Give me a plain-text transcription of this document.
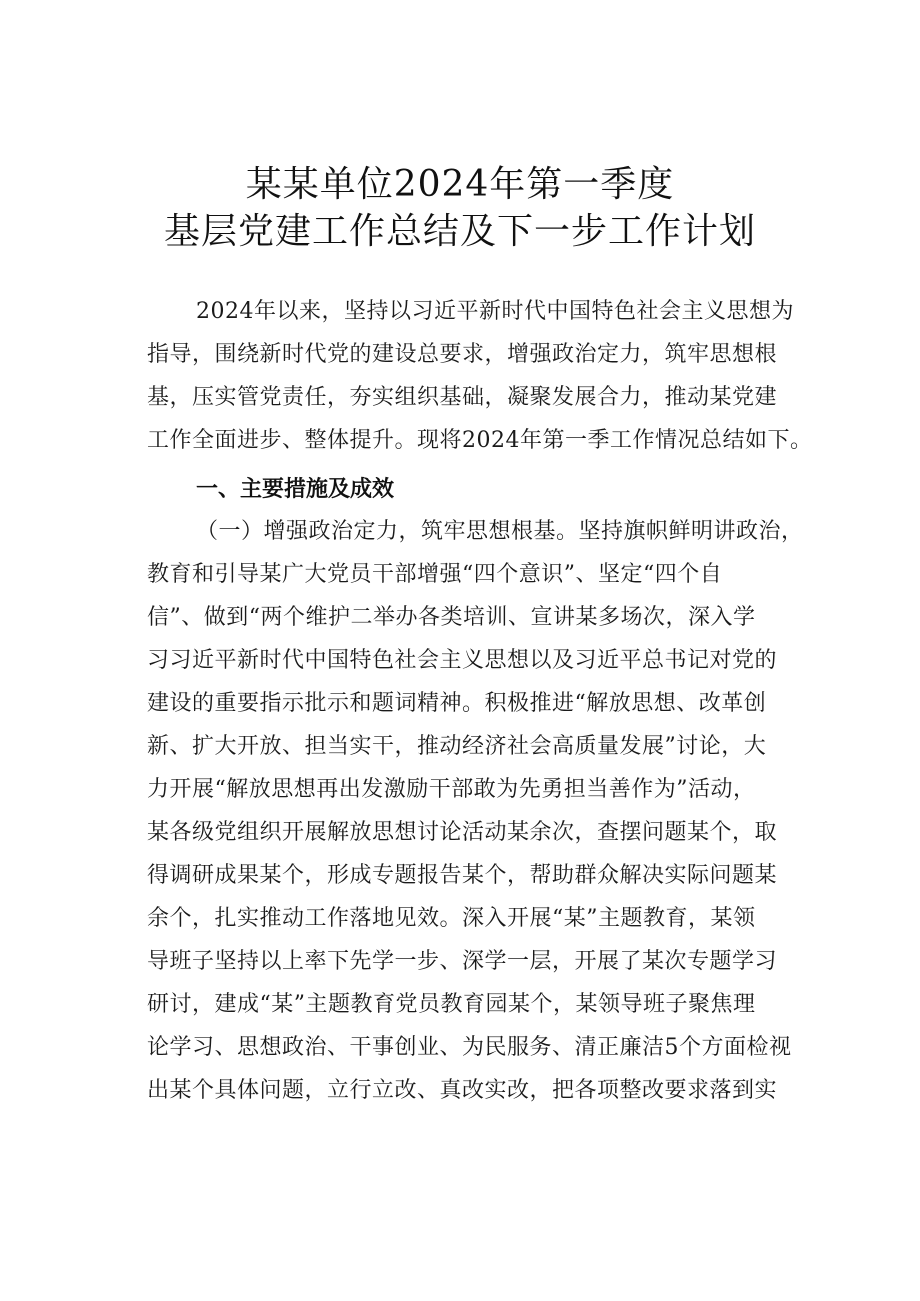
某某单位2024年第一季度
基层党建工作总结及下一步工作计划
2024年以来，坚持以习近平新时代中国特色社会主义思想为
指导，围绕新时代党的建设总要求，增强政治定力，筑牢思想根
基，压实管党责任，夯实组织基础，凝聚发展合力，推动某党建
工作全面进步、整体提升。现将2024年第一季工作情况总结如下。
一、主要措施及成效
（一）增强政治定力，筑牢思想根基。坚持旗帜鲜明讲政治，
教育和引导某广大党员干部增强“四个意识”、坚定“四个自
信”、做到“两个维护二举办各类培训、宣讲某多场次，深入学
习习近平新时代中国特色社会主义思想以及习近平总书记对党的
建设的重要指示批示和题词精神。积极推进“解放思想、改革创
新、扩大开放、担当实干，推动经济社会高质量发展”讨论，大
力开展“解放思想再出发激励干部敢为先勇担当善作为”活动，
某各级党组织开展解放思想讨论活动某余次，查摆问题某个，取
得调研成果某个，形成专题报告某个，帮助群众解决实际问题某
余个，扎实推动工作落地见效。深入开展“某”主题教育，某领
导班子坚持以上率下先学一步、深学一层，开展了某次专题学习
研讨，建成“某”主题教育党员教育园某个，某领导班子聚焦理
论学习、思想政治、干事创业、为民服务、清正廉洁5个方面检视
出某个具体问题，立行立改、真改实改，把各项整改要求落到实
